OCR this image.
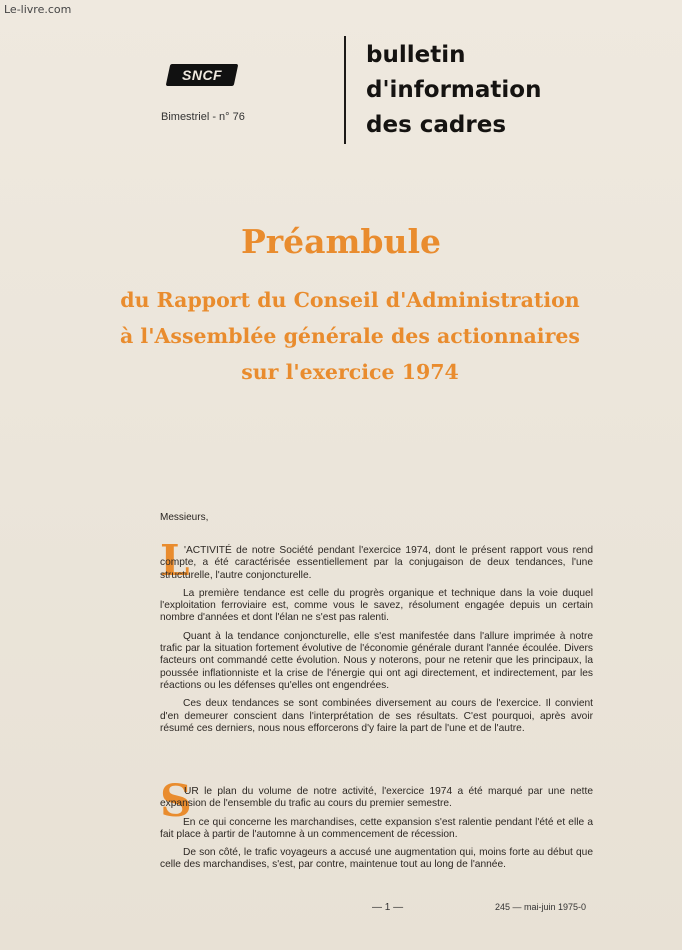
Le-livre.com
SNCF
Bimestriel - n° 76
bulletin
d'information
des cadres
Préambule
du Rapport du Conseil d'Administration
à l'Assemblée générale des actionnaires
sur l'exercice 1974
Messieurs,
L

'ACTIVITÉ de notre Société pendant l'exercice 1974, dont le présent rapport vous rend compte, a été caractérisée essentiellement par la conjugaison de deux tendances, l'une structurelle, l'autre conjoncturelle.

La première tendance est celle du progrès organique et technique dans la voie duquel l'exploitation ferroviaire est, comme vous le savez, résolument engagée depuis un certain nombre d'années et dont l'élan ne s'est pas ralenti.

Quant à la tendance conjoncturelle, elle s'est manifestée dans l'allure imprimée à notre trafic par la situation fortement évolutive de l'économie générale durant l'année écoulée. Divers facteurs ont commandé cette évolution. Nous y noterons, pour ne retenir que les principaux, la poussée inflationniste et la crise de l'énergie qui ont agi directement, et indirectement, par les réactions ou les défenses qu'elles ont engendrées.

Ces deux tendances se sont combinées diversement au cours de l'exercice. Il convient d'en demeurer conscient dans l'interprétation de ses résultats. C'est pourquoi, après avoir résumé ces derniers, nous nous efforcerons d'y faire la part de l'une et de l'autre.

S

UR le plan du volume de notre activité, l'exercice 1974 a été marqué par une nette expansion de l'ensemble du trafic au cours du premier semestre.

En ce qui concerne les marchandises, cette expansion s'est ralentie pendant l'été et elle a fait place à partir de l'automne à un commencement de récession.

De son côté, le trafic voyageurs a accusé une augmentation qui, moins forte au début que celle des marchandises, s'est, par contre, maintenue tout au long de l'année.

— 1 —	245 — mai-juin 1975-0
